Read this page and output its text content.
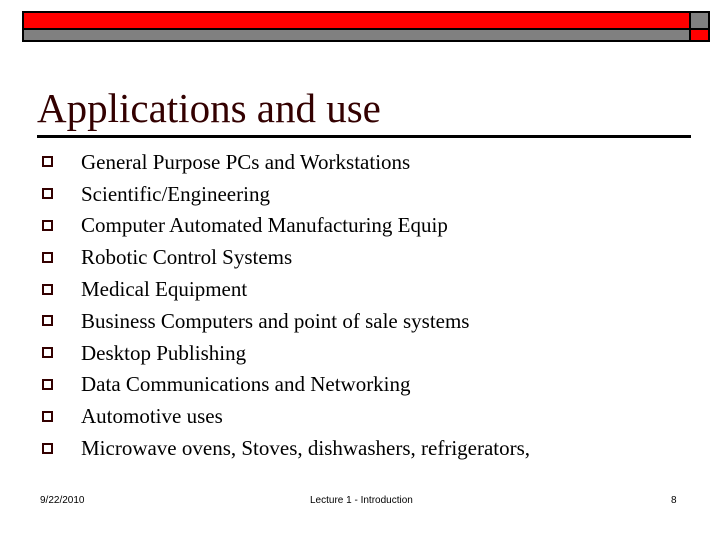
Applications and use
General Purpose PCs and Workstations
Scientific/Engineering
Computer Automated Manufacturing Equip
Robotic Control Systems
Medical Equipment
Business Computers and point of sale systems
Desktop Publishing
Data Communications and Networking
Automotive uses
Microwave ovens, Stoves, dishwashers, refrigerators,
9/22/2010	Lecture 1 - Introduction	8
